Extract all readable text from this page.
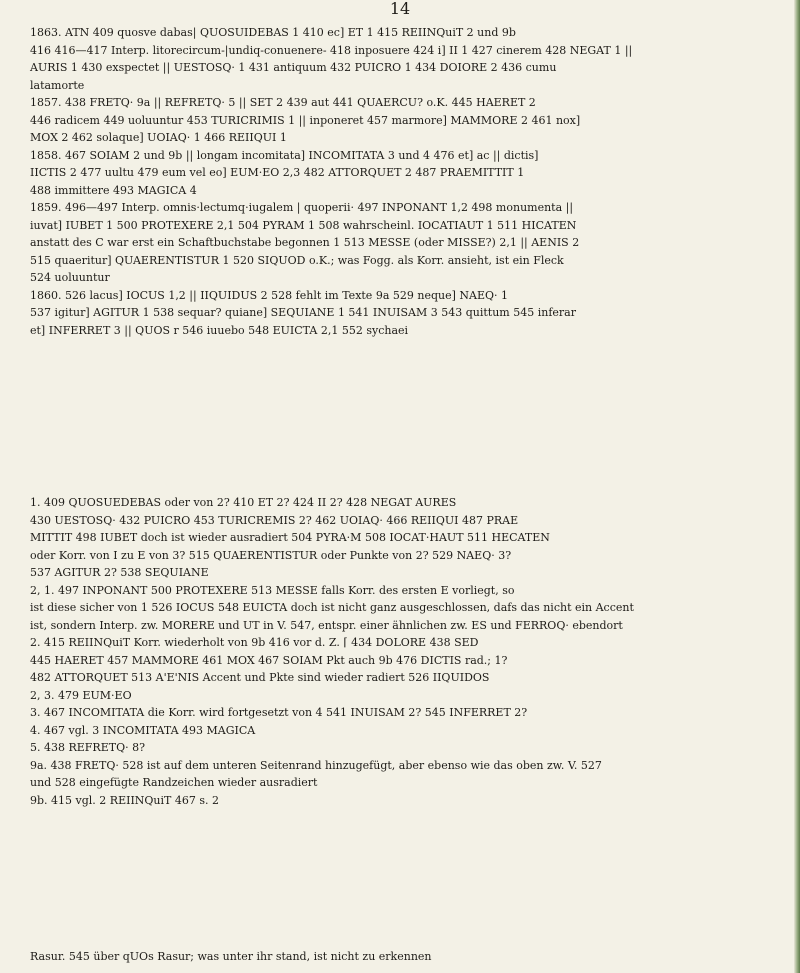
14

1863. ATN 409 quosve dabas| QUOSUIDEBAS 1 410 ec] ET 1 415 REIINQuiT 2 und 9b

416 416—417 Interp. litorecircum-|undiq-conuenere- 418 inposuere 424 i] II 1 427 cinerem 428 NEGAT 1 ||

AURIS 1 430 exspectet || UESTOSQ· 1 431 antiquum 432 PUICRO 1 434 DOIORE 2 436 cumu

latamorte

1857. 438 FRETQ· 9a || REFRETQ· 5 || SET 2 439 aut 441 QUAERCU? o.K. 445 HAERET 2

446 radicem 449 uoluuntur 453 TURICRIMIS 1 || inponeret 457 marmore] MAMMORE 2 461 nox]

MOX 2 462 solaque] UOIAQ· 1 466 REIIQUI 1

1858. 467 SOIAM 2 und 9b || longam incomitata] INCOMITATA 3 und 4 476 et] ac || dictis]

IICTIS 2 477 uultu 479 eum vel eo] EUM·EO 2,3 482 ATTORQUET 2 487 PRAEMITTIT 1

488 immittere 493 MAGICA 4

1859. 496—497 Interp. omnis·lectumq·iugalem | quoperii· 497 INPONANT 1,2 498 monumenta ||

iuvat] IUBET 1 500 PROTEXERE 2,1 504 PYRAM 1 508 wahrscheinl. IOCATIAUT 1 511 HICATEN

anstatt des C war erst ein Schaftbuchstabe begonnen 1 513 MESSE (oder MISSE?) 2,1 || AENIS 2

515 quaeritur] QUAERENTISTUR 1 520 SIQUOD o.K.; was Fogg. als Korr. ansieht, ist ein Fleck

524 uoluuntur

1860. 526 lacus] IOCUS 1,2 || IIQUIDUS 2 528 fehlt im Texte 9a 529 neque] NAEQ· 1

537 igitur] AGITUR 1 538 sequar? quiane] SEQUIANE 1 541 INUISAM 3 543 quittum 545 inferar

et] INFERRET 3 || QUOS r 546 iuuebo 548 EUICTA 2,1 552 sychaei

1. 409 QUOSUEDEBAS oder von 2? 410 ET 2? 424 II 2? 428 NEGAT AURES

430 UESTOSQ· 432 PUICRO 453 TURICREMIS 2? 462 UOIAQ· 466 REIIQUI 487 PRAE

MITTIT 498 IUBET doch ist wieder ausradiert 504 PYRA·M 508 IOCAT·HAUT 511 HECATEN

oder Korr. von I zu E von 3? 515 QUAERENTISTUR oder Punkte von 2? 529 NAEQ· 3?

537 AGITUR 2? 538 SEQUIANE

2, 1. 497 INPONANT 500 PROTEXERE 513 MESSE falls Korr. des ersten E vorliegt, so

ist diese sicher von 1 526 IOCUS 548 EUICTA doch ist nicht ganz ausgeschlossen, dafs das nicht ein Accent

ist, sondern Interp. zw. MORERE und UT in V. 547, entspr. einer ähnlichen zw. ES und FERROQ· ebendort

2. 415 REIINQuiT Korr. wiederholt von 9b 416 vor d. Z. ⌈ 434 DOLORE 438 SED

445 HAERET 457 MAMMORE 461 MOX 467 SOIAM Pkt auch 9b 476 DICTIS rad.; 1?

482 ATTORQUET 513 A'E'NIS Accent und Pkte sind wieder radiert 526 IIQUIDOS

2, 3. 479 EUM·EO

3. 467 INCOMITATA die Korr. wird fortgesetzt von 4 541 INUISAM 2? 545 INFERRET 2?

4. 467 vgl. 3 INCOMITATA 493 MAGICA

5. 438 REFRETQ· 8?

9a. 438 FRETQ· 528 ist auf dem unteren Seitenrand hinzugefügt, aber ebenso wie das oben zw. V. 527

und 528 eingefügte Randzeichen wieder ausradiert

9b. 415 vgl. 2 REIINQuiT 467 s. 2

Rasur. 545 über qUOs Rasur; was unter ihr stand, ist nicht zu erkennen
